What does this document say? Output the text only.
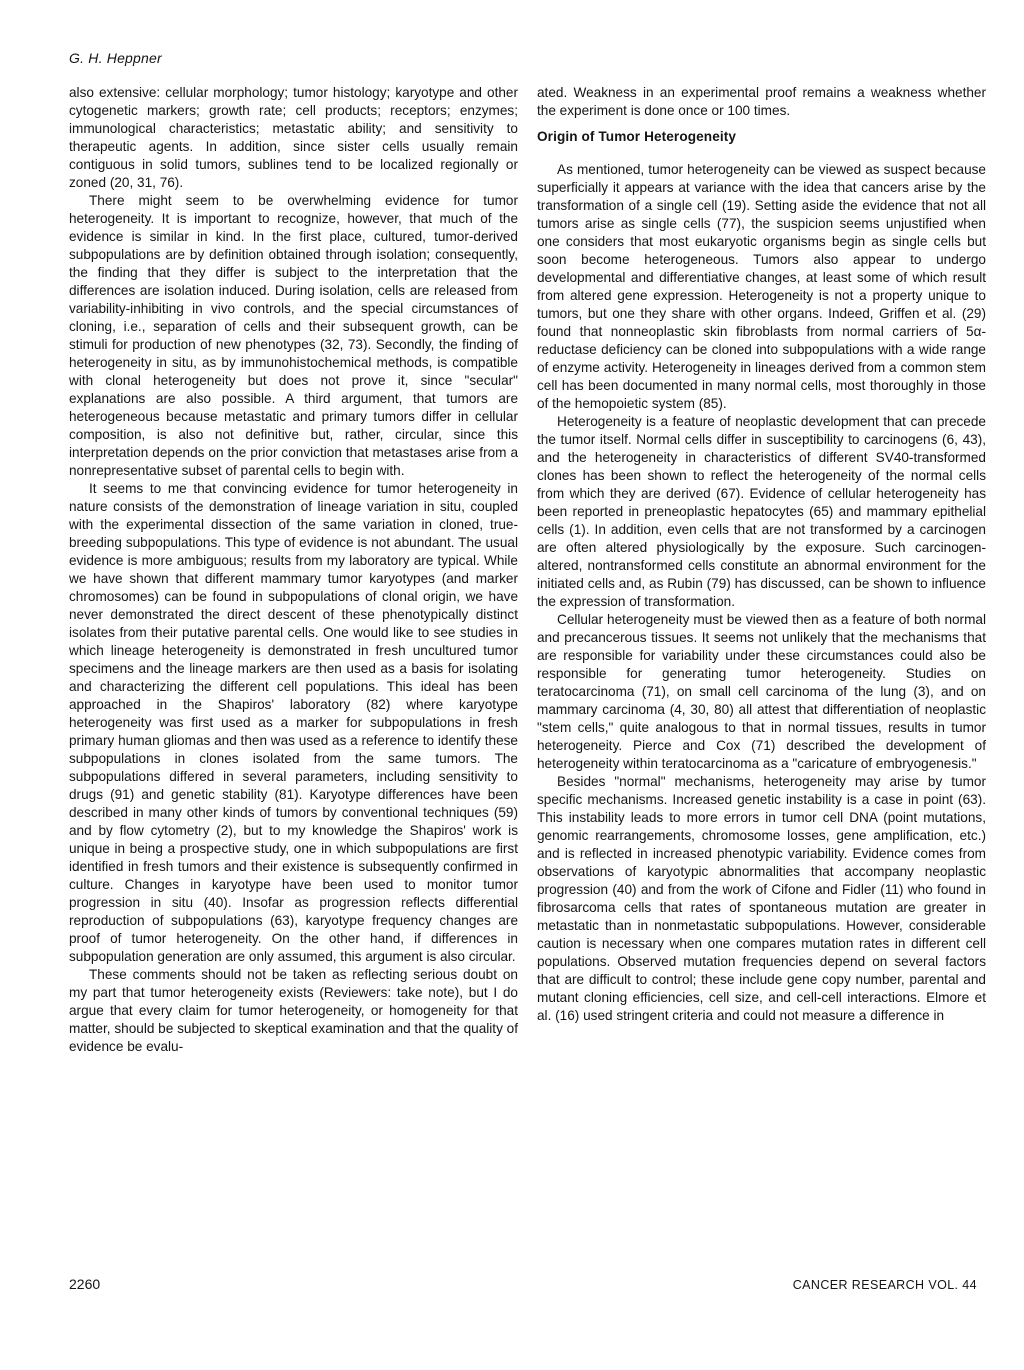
G. H. Heppner

also extensive: cellular morphology; tumor histology; karyotype and other cytogenetic markers; growth rate; cell products; receptors; enzymes; immunological characteristics; metastatic ability; and sensitivity to therapeutic agents. In addition, since sister cells usually remain contiguous in solid tumors, sublines tend to be localized regionally or zoned (20, 31, 76).

There might seem to be overwhelming evidence for tumor heterogeneity. It is important to recognize, however, that much of the evidence is similar in kind. In the first place, cultured, tumor-derived subpopulations are by definition obtained through isolation; consequently, the finding that they differ is subject to the interpretation that the differences are isolation induced. During isolation, cells are released from variability-inhibiting in vivo controls, and the special circumstances of cloning, i.e., separation of cells and their subsequent growth, can be stimuli for production of new phenotypes (32, 73). Secondly, the finding of heterogeneity in situ, as by immunohistochemical methods, is compatible with clonal heterogeneity but does not prove it, since "secular" explanations are also possible. A third argument, that tumors are heterogeneous because metastatic and primary tumors differ in cellular composition, is also not definitive but, rather, circular, since this interpretation depends on the prior conviction that metastases arise from a nonrepresentative subset of parental cells to begin with.

It seems to me that convincing evidence for tumor heterogeneity in nature consists of the demonstration of lineage variation in situ, coupled with the experimental dissection of the same variation in cloned, true-breeding subpopulations. This type of evidence is not abundant. The usual evidence is more ambiguous; results from my laboratory are typical. While we have shown that different mammary tumor karyotypes (and marker chromosomes) can be found in subpopulations of clonal origin, we have never demonstrated the direct descent of these phenotypically distinct isolates from their putative parental cells. One would like to see studies in which lineage heterogeneity is demonstrated in fresh uncultured tumor specimens and the lineage markers are then used as a basis for isolating and characterizing the different cell populations. This ideal has been approached in the Shapiros' laboratory (82) where karyotype heterogeneity was first used as a marker for subpopulations in fresh primary human gliomas and then was used as a reference to identify these subpopulations in clones isolated from the same tumors. The subpopulations differed in several parameters, including sensitivity to drugs (91) and genetic stability (81). Karyotype differences have been described in many other kinds of tumors by conventional techniques (59) and by flow cytometry (2), but to my knowledge the Shapiros' work is unique in being a prospective study, one in which subpopulations are first identified in fresh tumors and their existence is subsequently confirmed in culture. Changes in karyotype have been used to monitor tumor progression in situ (40). Insofar as progression reflects differential reproduction of subpopulations (63), karyotype frequency changes are proof of tumor heterogeneity. On the other hand, if differences in subpopulation generation are only assumed, this argument is also circular.

These comments should not be taken as reflecting serious doubt on my part that tumor heterogeneity exists (Reviewers: take note), but I do argue that every claim for tumor heterogeneity, or homogeneity for that matter, should be subjected to skeptical examination and that the quality of evidence be evalu-

ated. Weakness in an experimental proof remains a weakness whether the experiment is done once or 100 times.

Origin of Tumor Heterogeneity

As mentioned, tumor heterogeneity can be viewed as suspect because superficially it appears at variance with the idea that cancers arise by the transformation of a single cell (19). Setting aside the evidence that not all tumors arise as single cells (77), the suspicion seems unjustified when one considers that most eukaryotic organisms begin as single cells but soon become heterogeneous. Tumors also appear to undergo developmental and differentiative changes, at least some of which result from altered gene expression. Heterogeneity is not a property unique to tumors, but one they share with other organs. Indeed, Griffen et al. (29) found that nonneoplastic skin fibroblasts from normal carriers of 5α-reductase deficiency can be cloned into subpopulations with a wide range of enzyme activity. Heterogeneity in lineages derived from a common stem cell has been documented in many normal cells, most thoroughly in those of the hemopoietic system (85).

Heterogeneity is a feature of neoplastic development that can precede the tumor itself. Normal cells differ in susceptibility to carcinogens (6, 43), and the heterogeneity in characteristics of different SV40-transformed clones has been shown to reflect the heterogeneity of the normal cells from which they are derived (67). Evidence of cellular heterogeneity has been reported in preneoplastic hepatocytes (65) and mammary epithelial cells (1). In addition, even cells that are not transformed by a carcinogen are often altered physiologically by the exposure. Such carcinogen-altered, nontransformed cells constitute an abnormal environment for the initiated cells and, as Rubin (79) has discussed, can be shown to influence the expression of transformation.

Cellular heterogeneity must be viewed then as a feature of both normal and precancerous tissues. It seems not unlikely that the mechanisms that are responsible for variability under these circumstances could also be responsible for generating tumor heterogeneity. Studies on teratocarcinoma (71), on small cell carcinoma of the lung (3), and on mammary carcinoma (4, 30, 80) all attest that differentiation of neoplastic "stem cells," quite analogous to that in normal tissues, results in tumor heterogeneity. Pierce and Cox (71) described the development of heterogeneity within teratocarcinoma as a "caricature of embryogenesis."

Besides "normal" mechanisms, heterogeneity may arise by tumor specific mechanisms. Increased genetic instability is a case in point (63). This instability leads to more errors in tumor cell DNA (point mutations, genomic rearrangements, chromosome losses, gene amplification, etc.) and is reflected in increased phenotypic variability. Evidence comes from observations of karyotypic abnormalities that accompany neoplastic progression (40) and from the work of Cifone and Fidler (11) who found in fibrosarcoma cells that rates of spontaneous mutation are greater in metastatic than in nonmetastatic subpopulations. However, considerable caution is necessary when one compares mutation rates in different cell populations. Observed mutation frequencies depend on several factors that are difficult to control; these include gene copy number, parental and mutant cloning efficiencies, cell size, and cell-cell interactions. Elmore et al. (16) used stringent criteria and could not measure a difference in

2260	CANCER RESEARCH VOL. 44
